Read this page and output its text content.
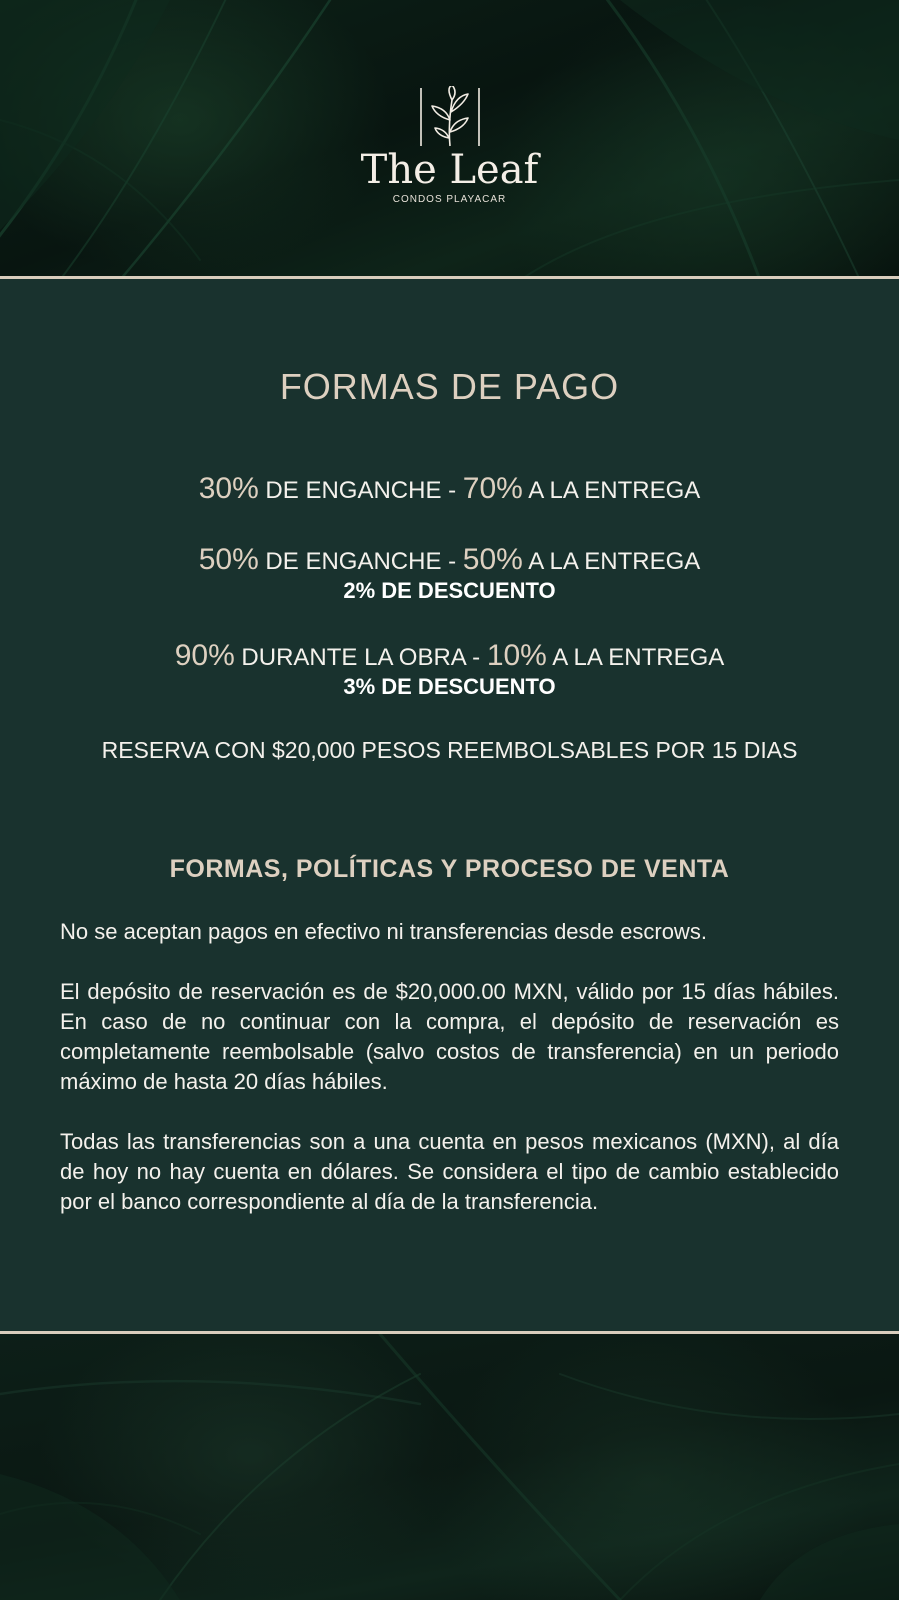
The Leaf
CONDOS PLAYACAR
FORMAS DE PAGO
30% DE ENGANCHE - 70% A LA ENTREGA
50% DE ENGANCHE - 50% A LA ENTREGA
2% DE DESCUENTO
90% DURANTE LA OBRA - 10% A LA ENTREGA
3% DE DESCUENTO
RESERVA CON $20,000 PESOS REEMBOLSABLES POR 15 DIAS
FORMAS, POLÍTICAS Y PROCESO DE VENTA
No se aceptan pagos en efectivo ni transferencias desde escrows.
El depósito de reservación es de $20,000.00 MXN, válido por 15 días hábiles. En caso de no continuar con la compra, el depósito de reservación es completamente reembolsable (salvo costos de transferencia) en un periodo máximo de hasta 20 días hábiles.
Todas las transferencias son a una cuenta en pesos mexicanos (MXN), al día de hoy no hay cuenta en dólares. Se considera el tipo de cambio establecido por el banco correspondiente al día de la transferencia.
